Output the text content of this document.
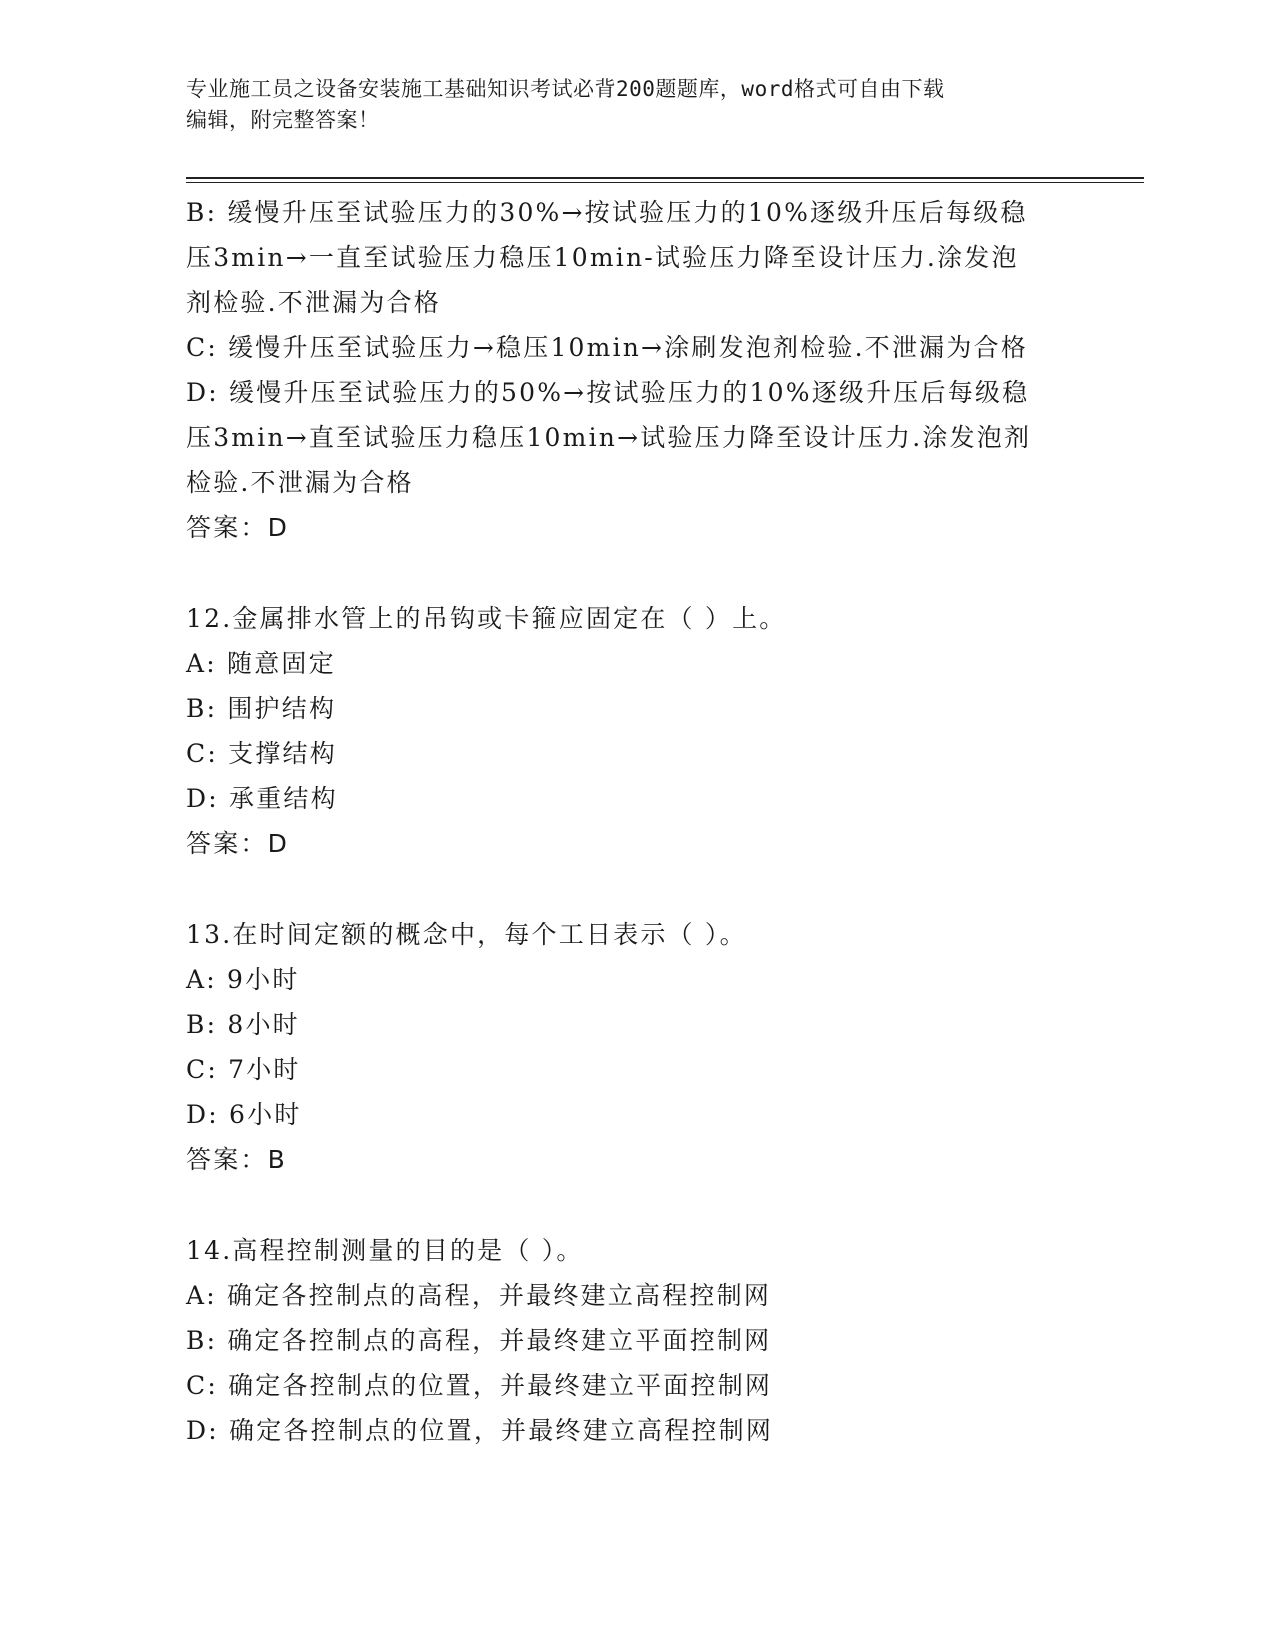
专业施工员之设备安装施工基础知识考试必背200题题库，word格式可自由下载
编辑，附完整答案！
B: 缓慢升压至试验压力的30%→按试验压力的10%逐级升压后每级稳
压3min→一直至试验压力稳压10min-试验压力降至设计压力.涂发泡
剂检验.不泄漏为合格
C: 缓慢升压至试验压力→稳压10min→涂刷发泡剂检验.不泄漏为合格
D: 缓慢升压至试验压力的50%→按试验压力的10%逐级升压后每级稳
压3min→直至试验压力稳压10min→试验压力降至设计压力.涂发泡剂
检验.不泄漏为合格
答案：D
12.金属排水管上的吊钩或卡箍应固定在（ ）上。
A: 随意固定
B: 围护结构
C: 支撑结构
D: 承重结构
答案：D
13.在时间定额的概念中，每个工日表示（ ）。
A: 9小时
B: 8小时
C: 7小时
D: 6小时
答案：B
14.高程控制测量的目的是（ ）。
A: 确定各控制点的高程，并最终建立高程控制网
B: 确定各控制点的高程，并最终建立平面控制网
C: 确定各控制点的位置，并最终建立平面控制网
D: 确定各控制点的位置，并最终建立高程控制网
